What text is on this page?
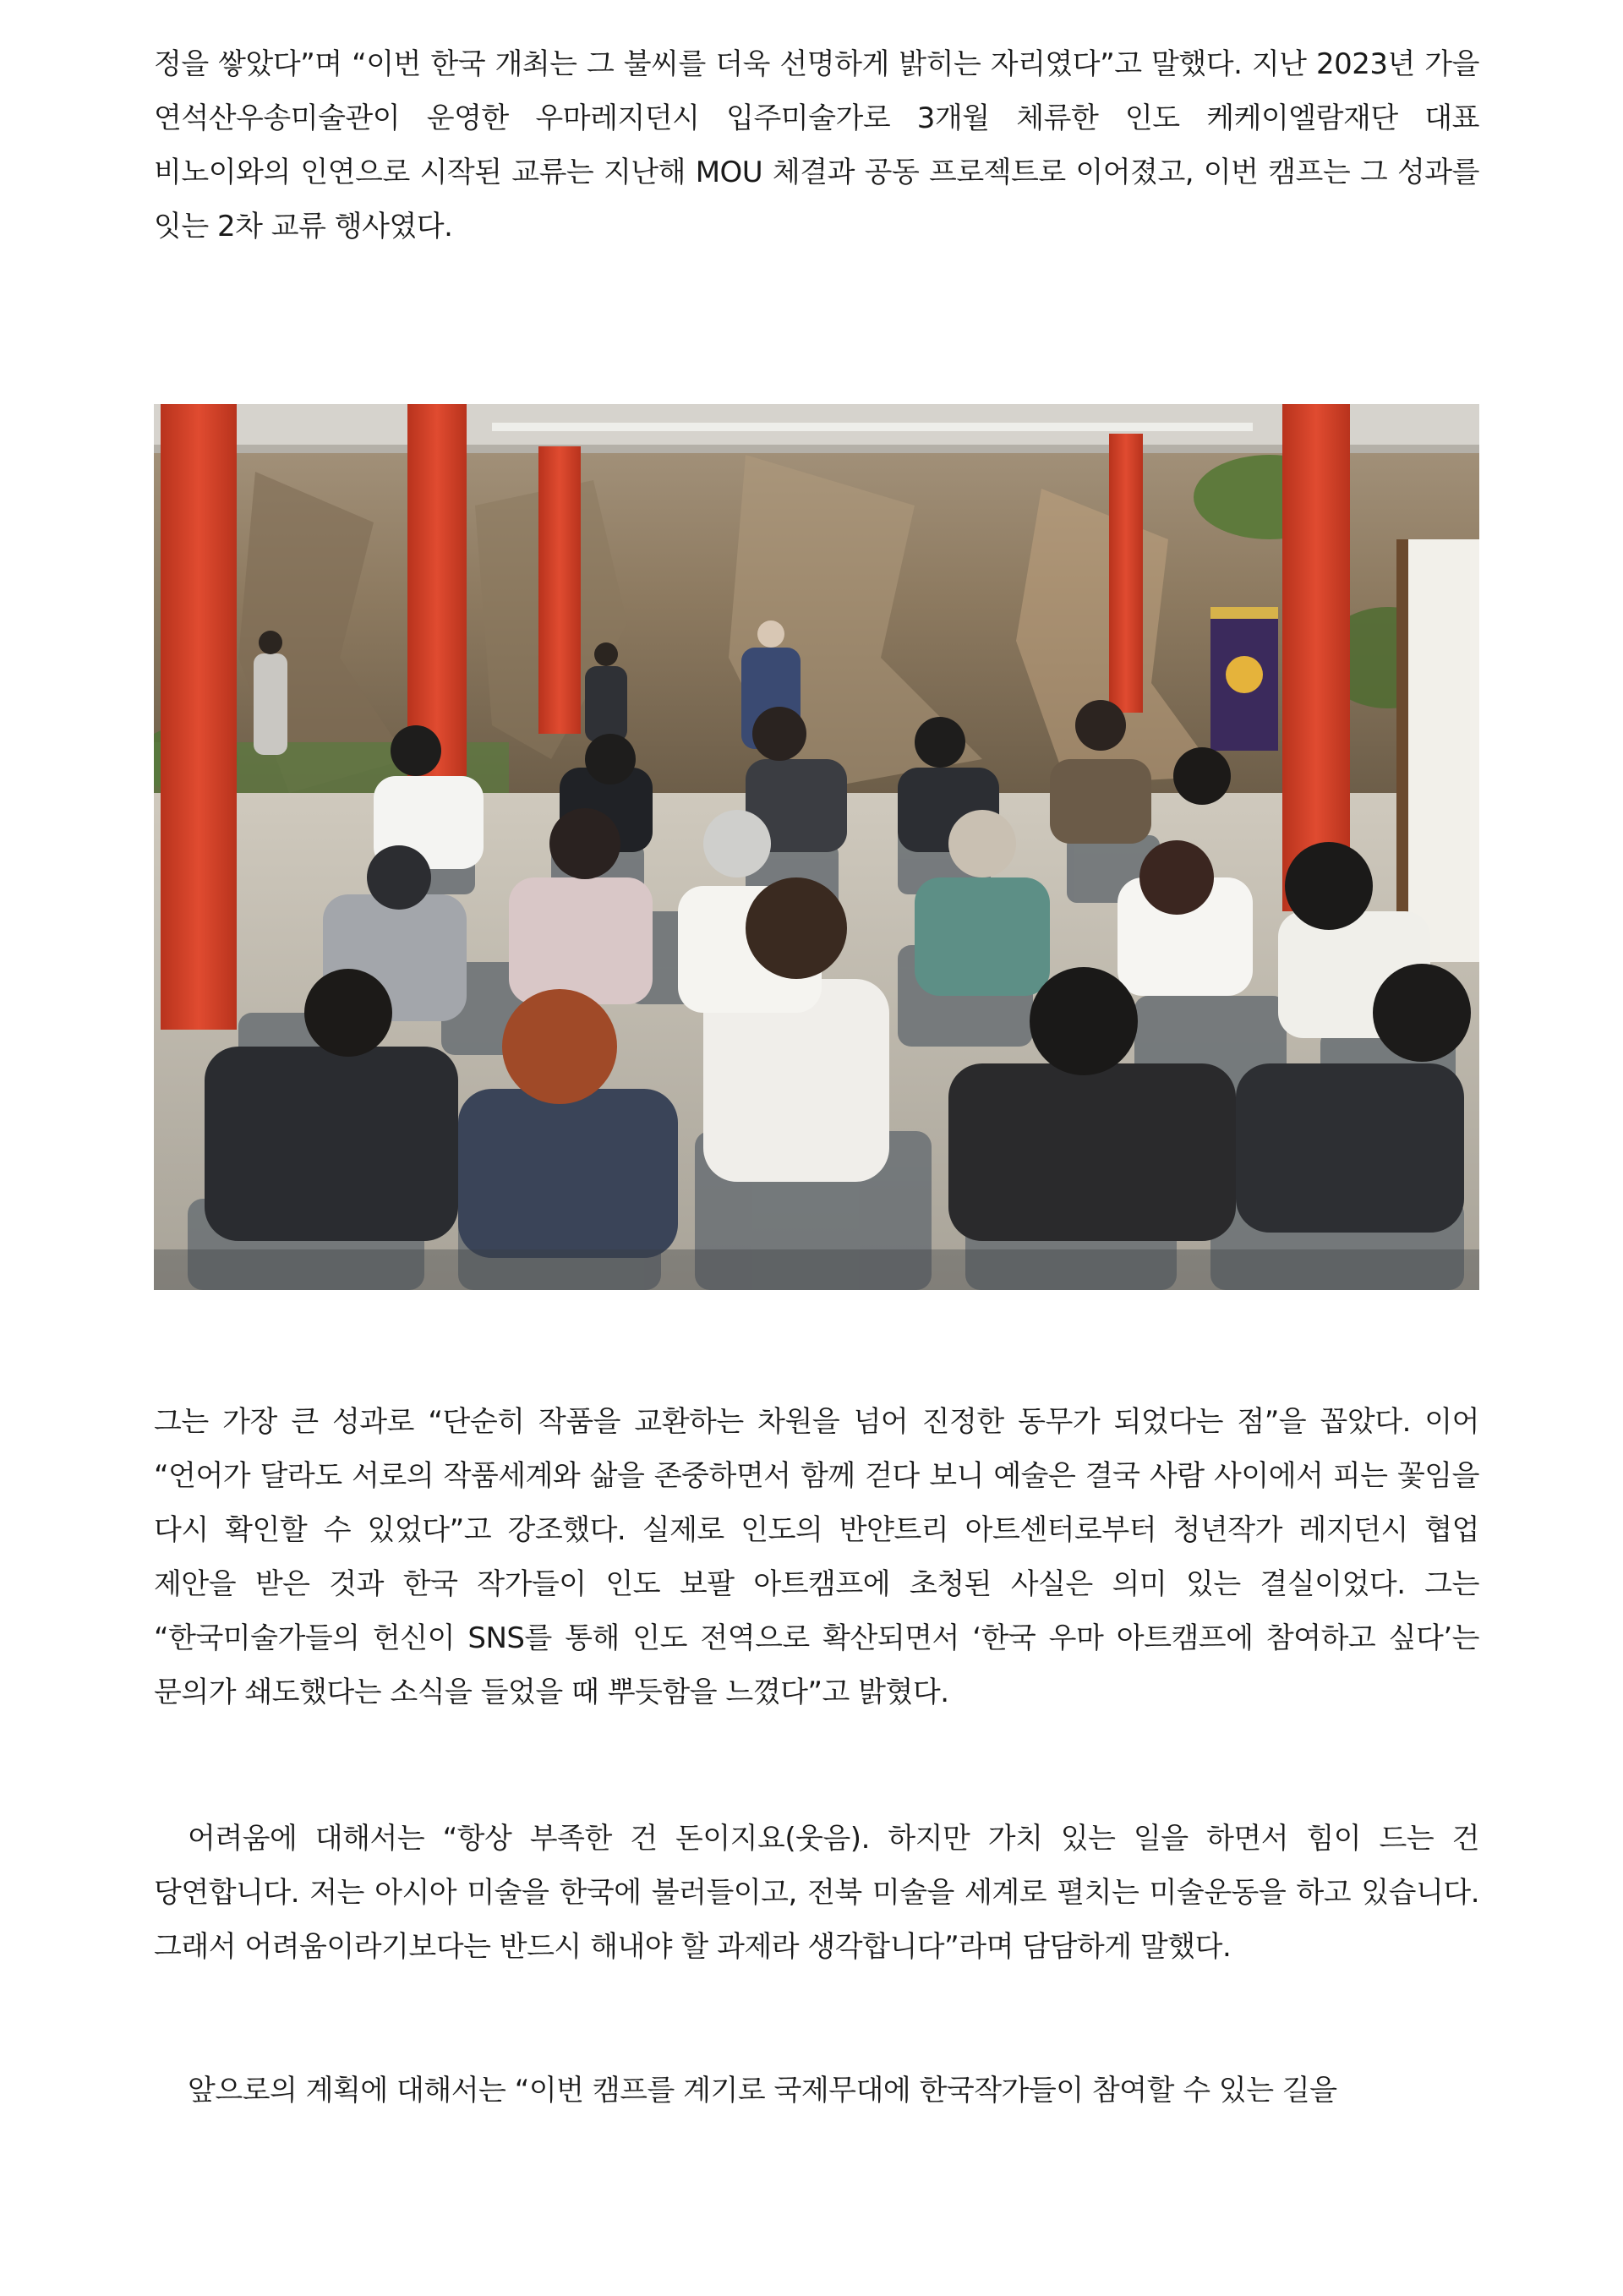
정을 쌓았다”며 “이번 한국 개최는 그 불씨를 더욱 선명하게 밝히는 자리였다”고 말했다. 지난 2023년 가을 연석산우송미술관이 운영한 우마레지던시 입주미술가로 3개월 체류한 인도 케케이엘람재단 대표 비노이와의 인연으로 시작된 교류는 지난해 MOU 체결과 공동 프로젝트로 이어졌고, 이번 캠프는 그 성과를 잇는 2차 교류 행사였다.

그는 가장 큰 성과로 “단순히 작품을 교환하는 차원을 넘어 진정한 동무가 되었다는 점”을 꼽았다. 이어 “언어가 달라도 서로의 작품세계와 삶을 존중하면서 함께 걷다 보니 예술은 결국 사람 사이에서 피는 꽃임을 다시 확인할 수 있었다”고 강조했다. 실제로 인도의 반얀트리 아트센터로부터 청년작가 레지던시 협업 제안을 받은 것과 한국 작가들이 인도 보팔 아트캠프에 초청된 사실은 의미 있는 결실이었다. 그는 “한국미술가들의 헌신이 SNS를 통해 인도 전역으로 확산되면서 ‘한국 우마 아트캠프에 참여하고 싶다’는 문의가 쇄도했다는 소식을 들었을 때 뿌듯함을 느꼈다”고 밝혔다.

어려움에 대해서는 “항상 부족한 건 돈이지요(웃음). 하지만 가치 있는 일을 하면서 힘이 드는 건 당연합니다. 저는 아시아 미술을 한국에 불러들이고, 전북 미술을 세계로 펼치는 미술운동을 하고 있습니다. 그래서 어려움이라기보다는 반드시 해내야 할 과제라 생각합니다”라며 담담하게 말했다.

앞으로의 계획에 대해서는 “이번 캠프를 계기로 국제무대에 한국작가들이 참여할 수 있는 길을
